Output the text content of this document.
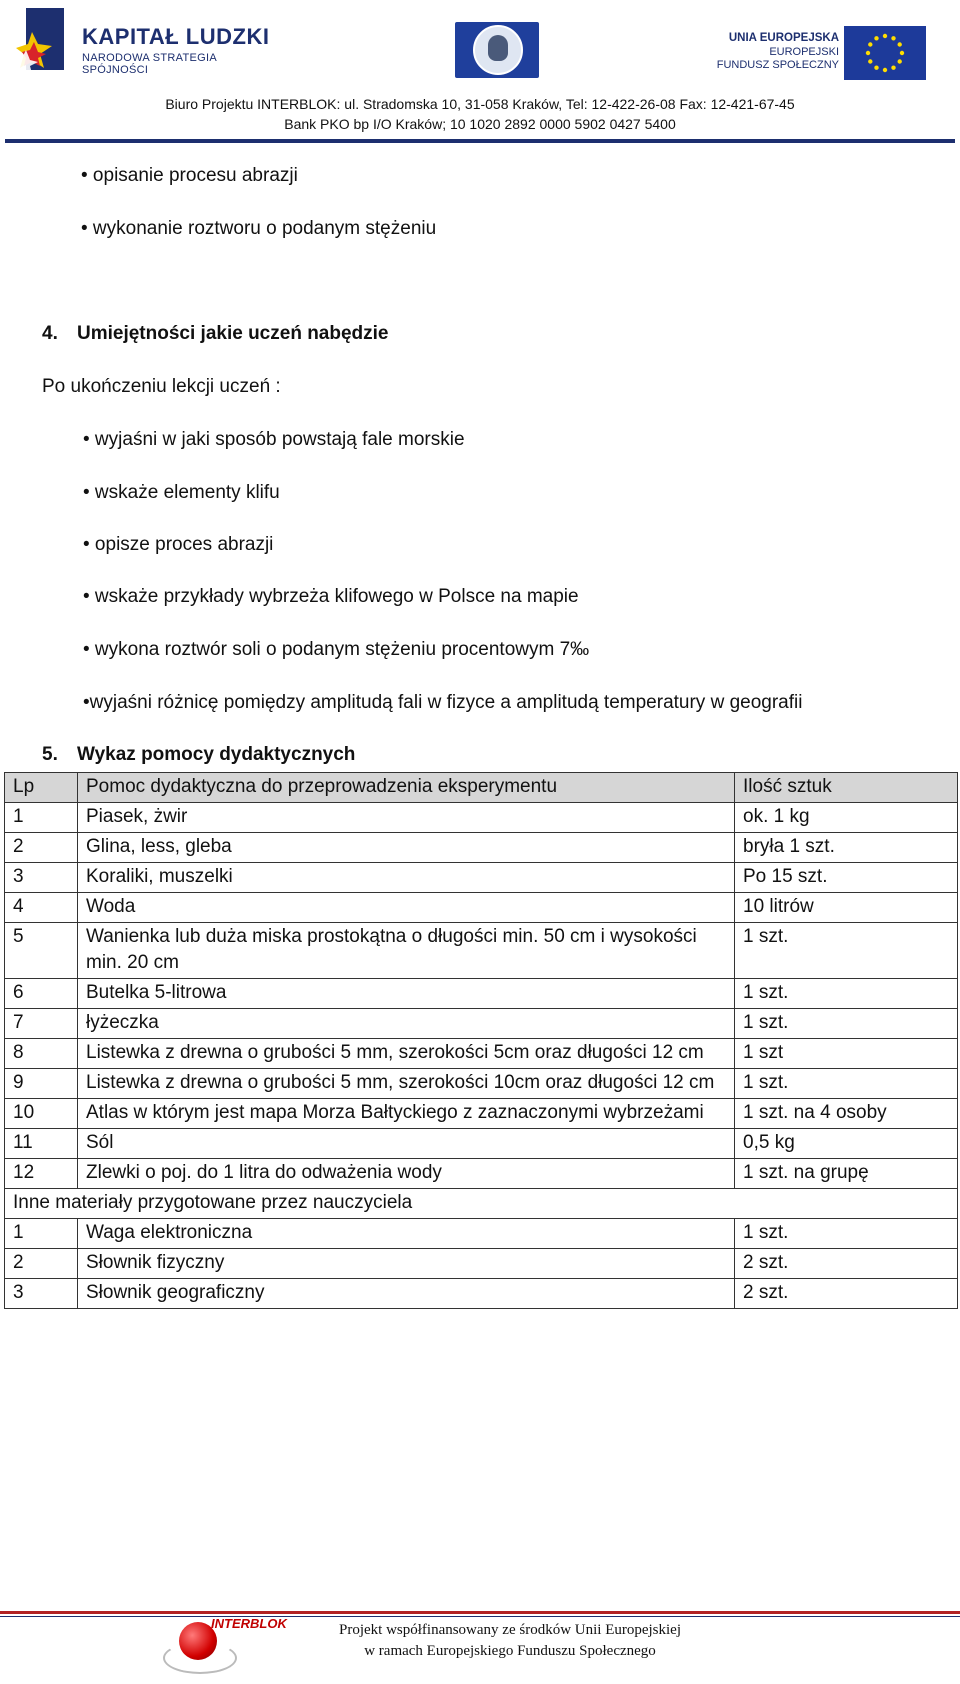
KAPITAŁ LUDZKI
NARODOWA STRATEGIA SPÓJNOŚCI
UNIA EUROPEJSKA
EUROPEJSKI
FUNDUSZ SPOŁECZNY
Biuro Projektu INTERBLOK: ul. Stradomska 10, 31-058 Kraków, Tel: 12-422-26-08 Fax: 12-421-67-45
Bank PKO bp I/O Kraków; 10 1020 2892 0000 5902 0427 5400
• opisanie procesu abrazji
• wykonanie roztworu o podanym stężeniu
4. Umiejętności jakie uczeń nabędzie
Po ukończeniu lekcji uczeń :
• wyjaśni w jaki sposób powstają fale morskie
• wskaże elementy klifu
• opisze proces abrazji
• wskaże przykłady wybrzeża klifowego w Polsce na mapie
• wykona roztwór soli o podanym stężeniu procentowym 7‰
•wyjaśni różnicę pomiędzy amplitudą fali w fizyce a amplitudą temperatury w geografii
5. Wykaz pomocy dydaktycznych
Lp	Pomoc dydaktyczna do przeprowadzenia eksperymentu	Ilość sztuk
1	Piasek, żwir	ok. 1 kg
2	Glina, less, gleba	bryła 1 szt.
3	Koraliki, muszelki	Po 15 szt.
4	Woda	10 litrów
5	Wanienka lub duża miska prostokątna o długości min. 50 cm i wysokości min. 20 cm	1 szt.
6	Butelka 5-litrowa	1 szt.
7	łyżeczka	1 szt.
8	Listewka z drewna o grubości 5 mm, szerokości 5cm oraz długości 12 cm	1 szt
9	Listewka z drewna o grubości 5 mm, szerokości 10cm oraz długości 12 cm	1 szt.
10	Atlas w którym jest mapa Morza Bałtyckiego z zaznaczonymi wybrzeżami	1 szt. na 4 osoby
11	Sól	0,5 kg
12	Zlewki o poj. do 1 litra do odważenia wody	1 szt. na grupę
Inne materiały przygotowane przez nauczyciela		
1	Waga elektroniczna	1 szt.
2	Słownik fizyczny	2 szt.
3	Słownik geograficzny	2 szt.
INTERBLOK	Projekt współfinansowany ze środków Unii Europejskiej
w ramach Europejskiego Funduszu Społecznego
